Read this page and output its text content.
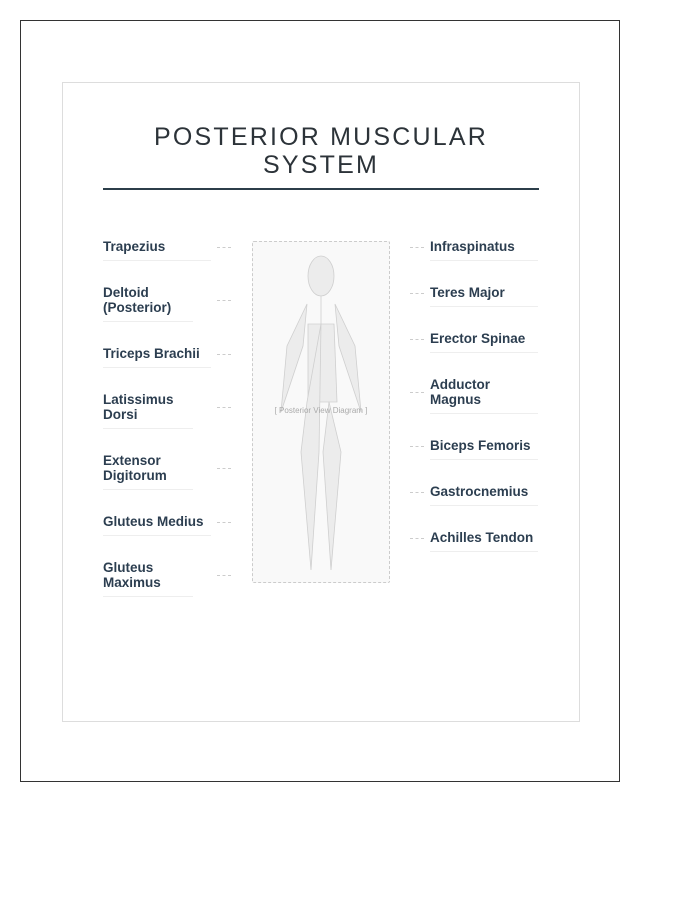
POSTERIOR MUSCULAR SYSTEM
Trapezius
Deltoid (Posterior)
Triceps Brachii
Latissimus Dorsi
Extensor Digitorum
Gluteus Medius
Gluteus Maximus
[ Posterior View Diagram ]
Infraspinatus
Teres Major
Erector Spinae
Adductor Magnus
Biceps Femoris
Gastrocnemius
Achilles Tendon
